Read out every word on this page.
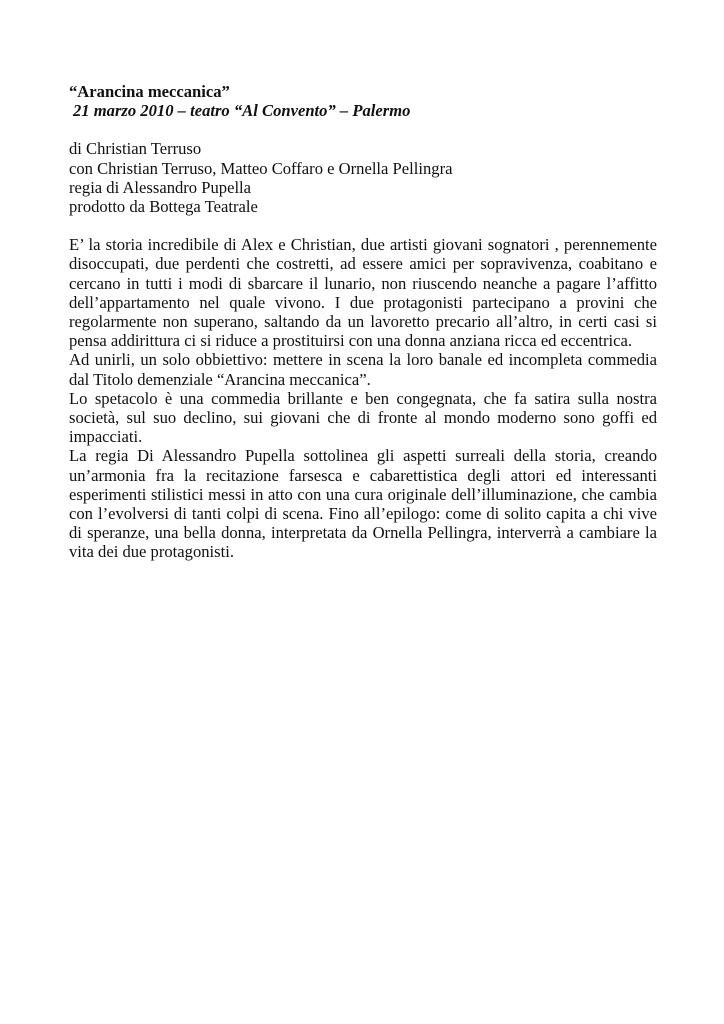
“Arancina meccanica”
21 marzo 2010 – teatro “Al Convento” – Palermo
di Christian Terruso
con Christian Terruso, Matteo Coffaro e Ornella Pellingra
regia di Alessandro Pupella
prodotto da Bottega Teatrale

E’ la storia incredibile di Alex e Christian, due artisti giovani sognatori , perennemente disoccupati, due perdenti che costretti, ad essere amici per sopravivenza, coabitano e cercano in tutti i modi di sbarcare il lunario, non riuscendo neanche a pagare l’affitto dell’appartamento nel quale vivono. I due protagonisti partecipano a provini che regolarmente non superano, saltando da un lavoretto precario all’altro, in certi casi si pensa addirittura ci si riduce a prostituirsi con una donna anziana ricca ed eccentrica.

Ad unirli, un solo obbiettivo: mettere in scena la loro banale ed incompleta commedia dal Titolo demenziale “Arancina meccanica”.

Lo spetacolo è una commedia brillante e ben congegnata, che fa satira sulla nostra società, sul suo declino, sui giovani che di fronte al mondo moderno sono goffi ed impacciati.

La regia Di Alessandro Pupella sottolinea gli aspetti surreali della storia, creando un’armonia fra la recitazione farsesca e cabarettistica degli attori ed interessanti esperimenti stilistici messi in atto con una cura originale dell’illuminazione, che cambia con l’evolversi di tanti colpi di scena. Fino all’epilogo: come di solito capita a chi vive di speranze, una bella donna, interpretata da Ornella Pellingra, interverrà a cambiare la vita dei due protagonisti.
